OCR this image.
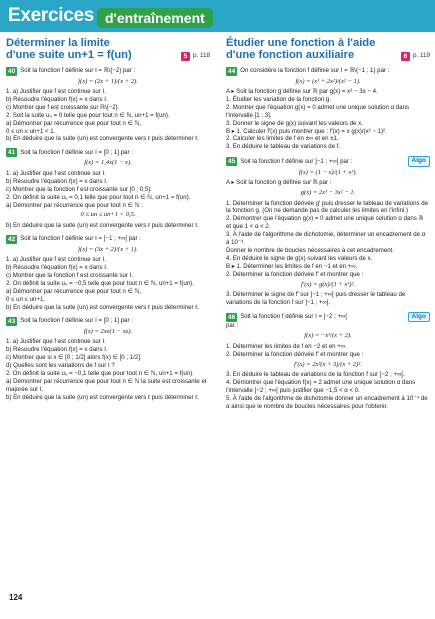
Exercices d'entraînement
Déterminer la limite
d'une suite un+1 = f(un)	5 p. 118
40 Soit la fonction f définie sur I = ℝ\{−2} par :

f(x) = (2x + 1)/(x + 2).

1. a) Justifier que f est continue sur I.

b) Résoudre l'équation f(x) = x dans I.

c) Montrer que f est croissante sur ℝ\{−2}.

2. Soit la suite u₀ = 0 telle que pour tout n ∈ ℕ, un+1 = f(un).

a) Démontrer par récurrence que pour tout n ∈ ℕ,

0 ≤ un ≤ un+1 < 1.

b) En déduire que la suite (un) est convergente vers ℓ puis déterminer ℓ.

41 Soit la fonction f définie sur I = [0 ; 1] par :

f(x) = 1,4x(1 − x).

1. a) Justifier que f est continue sur I.

b) Résoudre l'équation f(x) = x dans I.

c) Montrer que la fonction f est croissante sur [0 ; 0,5].

2. On définit la suite u₀ = 0,1 telle que pour tout n ∈ ℕ, un+1 = f(un).

a) Démontrer par récurrence que pour tout n ∈ ℕ :

0 ≤ un ≤ un+1 < 0,5.

b) En déduire que la suite (un) est convergente vers ℓ puis déterminer ℓ.

42 Soit la fonction f définie sur I = ]−1 ; +∞[ par :

f(x) = (3x + 2)/(x + 1).

1. a) Justifier que f est continue sur I.

b) Résoudre l'équation f(x) = x dans I.

c) Montrer que la fonction f est croissante sur I.

2. On définit la suite u₀ = −0,5 telle que pour tout n ∈ ℕ, un+1 = f(un).

a) Démontrer par récurrence que pour tout n ∈ ℕ,

0 ≤ un ≤ un+1.

b) En déduire que la suite (un) est convergente vers ℓ puis déterminer ℓ.

43 Soit la fonction f définie sur I = [0 ; 1] par :

f(x) = 2xe(1 − xe).

1. a) Justifier que f est continue sur I.

b) Résoudre l'équation f(x) = x dans I.

c) Montrer que si x ∈ [0 ; 1/2] alors f(x) ∈ [0 ; 1/2].

d) Quelles sont les variations de f sur I ?

2. On définit la suite u₀ = −0,1 telle que pour tout n ∈ ℕ, un+1 = f(un).

a) Démontrer par récurrence que pour tout n ∈ ℕ la suite est croissante et majorée sur I.

b) En déduire que la suite (un) est convergente vers ℓ puis déterminer ℓ.

Étudier une fonction à l'aide
d'une fonction auxiliaire	6 p. 119
44 On considère la fonction f définie sur I = ℝ\{−1 ; 1} par :

f(x) = (x³ + 2x²)/(x² − 1).

A ▸ Soit la fonction g définie sur ℝ par g(x) = x³ − 3x − 4.

1. Étudier les variation de la fonction g.

2. Montrer que l'équation g(x) = 0 admet une unique solution α dans l'intervalle [1 ; 3].

3. Donner le signe de g(x) suivant les valeurs de x.

B ▸ 1. Calculer f′(x) puis montrer que : f′(x) = x g(x)/(x² − 1)².

2. Calculer les limites de f en ±∞ et en ±1.

3. En déduire le tableau de variations de f.

45 Soit la fonction f définie sur ]−1 ; +∞[ par :	Algo

f(x) = (1 − x)/(1 + x³).

A ▸ Soit la fonction g définie sur ℝ par :

g(x) = 2x³ − 3x² − 1.

1. Déterminer la fonction dérivée g′ puis dresser le tableau de variations de la fonction g. (On ne demande pas de calculer les limites en l'infini.)

2. Démontrer que l'équation g(x) = 0 admet une unique solution α dans ℝ et que 1 < α < 2.

3. À l'aide de l'algorithme de dichotomie, déterminer un encadrement de α à 10⁻³.

Donner le nombre de boucles nécessaires à cet encadrement.

4. En déduire le signe de g(x) suivant les valeurs de x.

B ▸ 1. Déterminer les limites de f en −1 et en +∞.

2. Déterminer la fonction dérivée f′ et montrer que :

f′(x) = g(x)/(1 + x³)².

3. Déterminer le signe de f′ sur ]−1 ; +∞[ puis dresser le tableau de variations de la fonction f sur ]−1 ; +∞[.

46 Soit la fonction f définie sur I = ]−2 ; +∞[	Algo

par :

f(x) = −x³/(x + 2).

1. Déterminer les limites de f en −2 et en +∞.

2. Déterminer la fonction dérivée f′ et montrer que :

f′(x) = 2x²(x + 3)/(x + 2)².

3. En déduire le tableau de variations de la fonction f sur ]−2 ; +∞[.

4. Démontrer que l'équation f(x) = 2 admet une unique solution α dans l'intervalle ]−2 ; +∞[ puis justifier que −1,5 < α < 0.

5. À l'aide de l'algorithme de dichotomie donner un encadrement à 10⁻⁴ de α ainsi que le nombre de boucles nécessaires pour l'obtenir.

124
